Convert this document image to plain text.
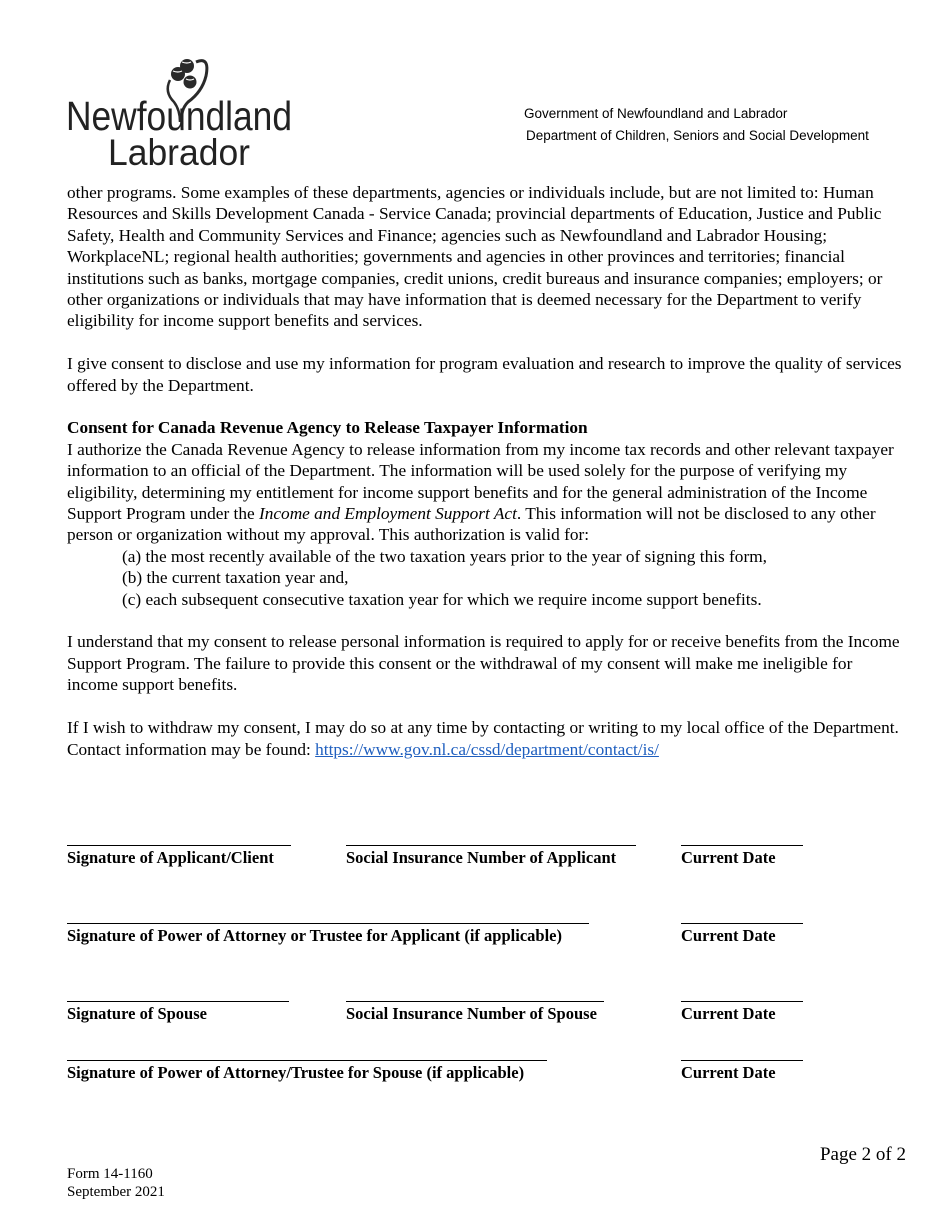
Newfoundland
Labrador
Government of Newfoundland and Labrador
Department of Children, Seniors and Social Development

other programs. Some examples of these departments, agencies or individuals include, but are not limited to: Human Resources and Skills Development Canada - Service Canada; provincial departments of Education, Justice and Public Safety, Health and Community Services and Finance; agencies such as Newfoundland and Labrador Housing; WorkplaceNL; regional health authorities; governments and agencies in other provinces and territories; financial institutions such as banks, mortgage companies, credit unions, credit bureaus and insurance companies; employers; or other organizations or individuals that may have information that is deemed necessary for the Department to verify eligibility for income support benefits and services.

I give consent to disclose and use my information for program evaluation and research to improve the quality of services offered by the Department.

Consent for Canada Revenue Agency to Release Taxpayer Information

I authorize the Canada Revenue Agency to release information from my income tax records and other relevant taxpayer information to an official of the Department. The information will be used solely for the purpose of verifying my eligibility, determining my entitlement for income support benefits and for the general administration of the Income Support Program under the Income and Employment Support Act. This information will not be disclosed to any other person or organization without my approval. This authorization is valid for:

(a) the most recently available of the two taxation years prior to the year of signing this form,
(b) the current taxation year and,
(c) each subsequent consecutive taxation year for which we require income support benefits.

I understand that my consent to release personal information is required to apply for or receive benefits from the Income Support Program. The failure to provide this consent or the withdrawal of my consent will make me ineligible for income support benefits.

If I wish to withdraw my consent, I may do so at any time by contacting or writing to my local office of the Department. Contact information may be found: https://www.gov.nl.ca/cssd/department/contact/is/

Signature of Applicant/Client	Social Insurance Number of Applicant	Current Date
Signature of Power of Attorney or Trustee for Applicant (if applicable)	Current Date
Signature of Spouse	Social Insurance Number of Spouse	Current Date
Signature of Power of Attorney/Trustee for Spouse (if applicable)	Current Date
Page 2 of 2
Form 14-1160
September 2021
